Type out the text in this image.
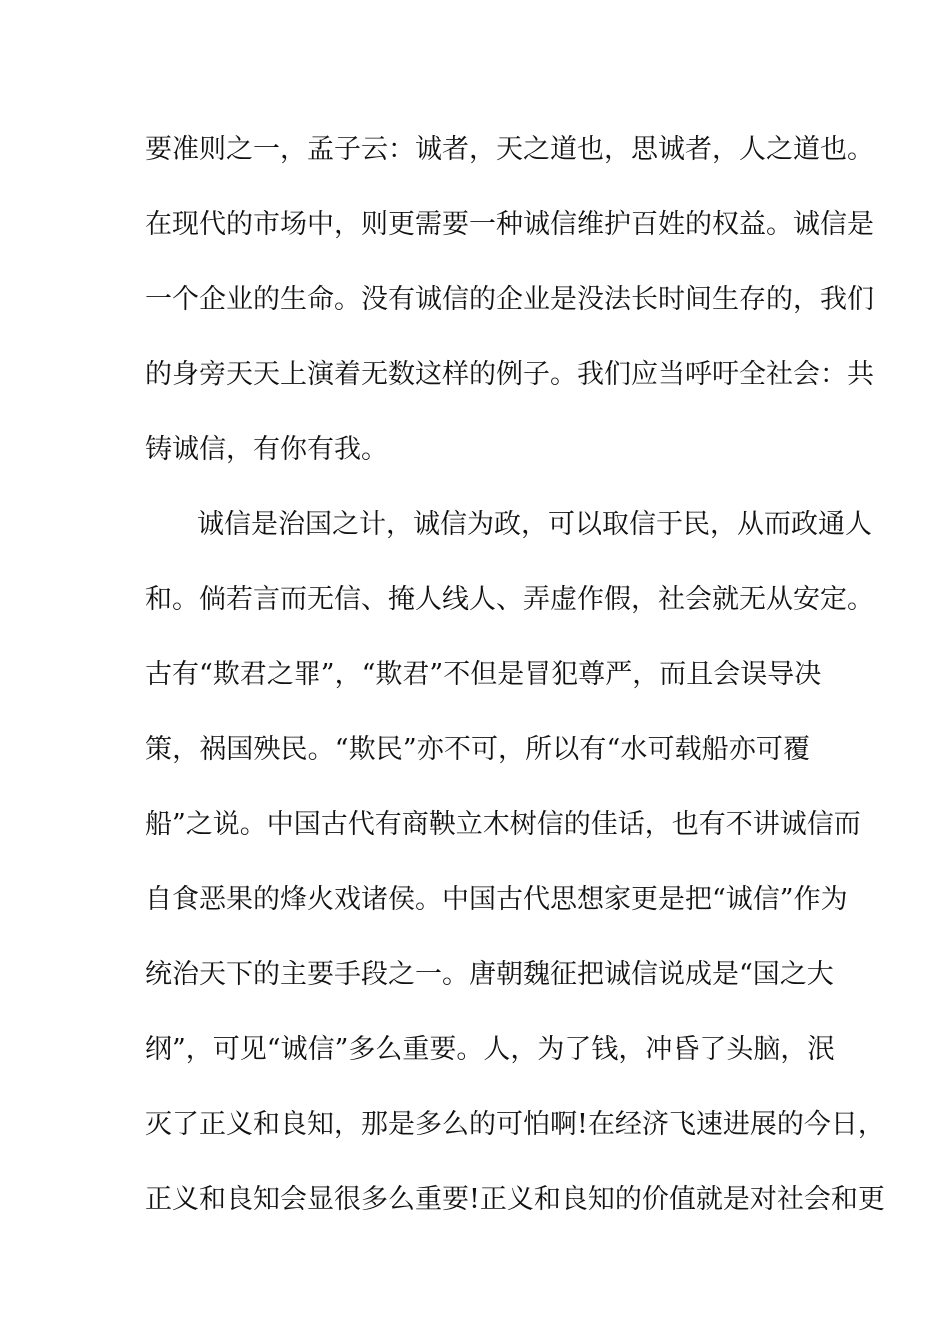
要准则之一，孟子云：诚者，天之道也，思诚者，人之道也。
在现代的市场中，则更需要一种诚信维护百姓的权益。诚信是
一个企业的生命。没有诚信的企业是没法长时间生存的，我们
的身旁天天上演着无数这样的例子。我们应当呼吁全社会：共
铸诚信，有你有我。
诚信是治国之计，诚信为政，可以取信于民，从而政通人
和。倘若言而无信、掩人线人、弄虚作假，社会就无从安定。
古有“欺君之罪”，“欺君”不但是冒犯尊严，而且会误导决
策，祸国殃民。“欺民”亦不可，所以有“水可载船亦可覆
船”之说。中国古代有商鞅立木树信的佳话，也有不讲诚信而
自食恶果的烽火戏诸侯。中国古代思想家更是把“诚信”作为
统治天下的主要手段之一。唐朝魏征把诚信说成是“国之大
纲”，可见“诚信”多么重要。人，为了钱，冲昏了头脑，泯
灭了正义和良知，那是多么的可怕啊!在经济飞速进展的今日，
正义和良知会显很多么重要!正义和良知的价值就是对社会和更
